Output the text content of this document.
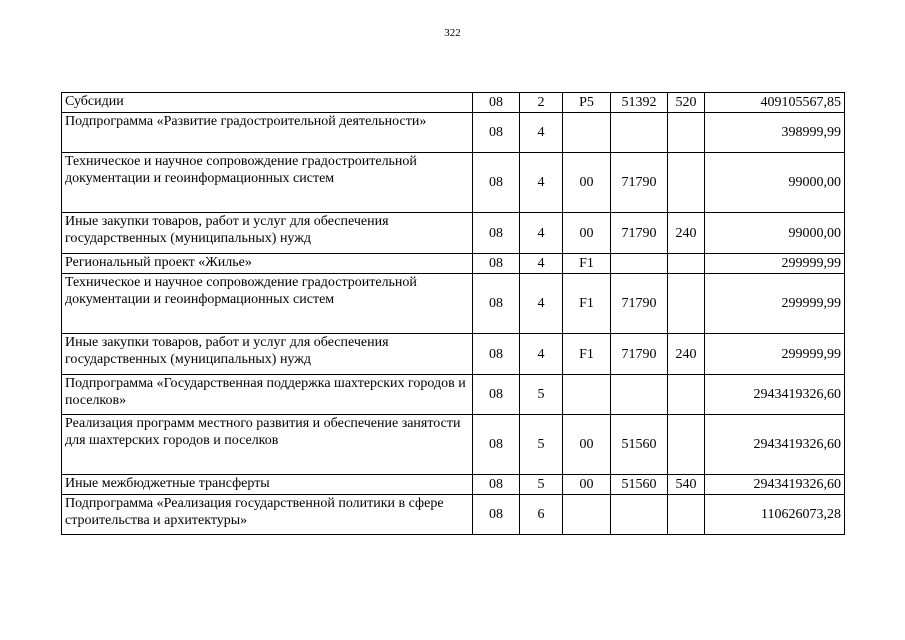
322
Субсидии	08	2	P5	51392	520	409105567,85
Подпрограмма «Развитие градостроительной деятельности»	08	4				398999,99
Техническое и научное сопровождение градостроительной документации и геоинформационных систем	08	4	00	71790		99000,00
Иные закупки товаров, работ и услуг для обеспечения государственных (муниципальных) нужд	08	4	00	71790	240	99000,00
Региональный проект «Жилье»	08	4	F1			299999,99
Техническое и научное сопровождение градостроительной документации и геоинформационных систем	08	4	F1	71790		299999,99
Иные закупки товаров, работ и услуг для обеспечения государственных (муниципальных) нужд	08	4	F1	71790	240	299999,99
Подпрограмма «Государственная поддержка шахтерских городов и поселков»	08	5				2943419326,60
Реализация программ местного развития и обеспечение занятости для шахтерских городов и поселков	08	5	00	51560		2943419326,60
Иные межбюджетные трансферты	08	5	00	51560	540	2943419326,60
Подпрограмма «Реализация государственной политики в сфере строительства и архитектуры»	08	6				110626073,28
